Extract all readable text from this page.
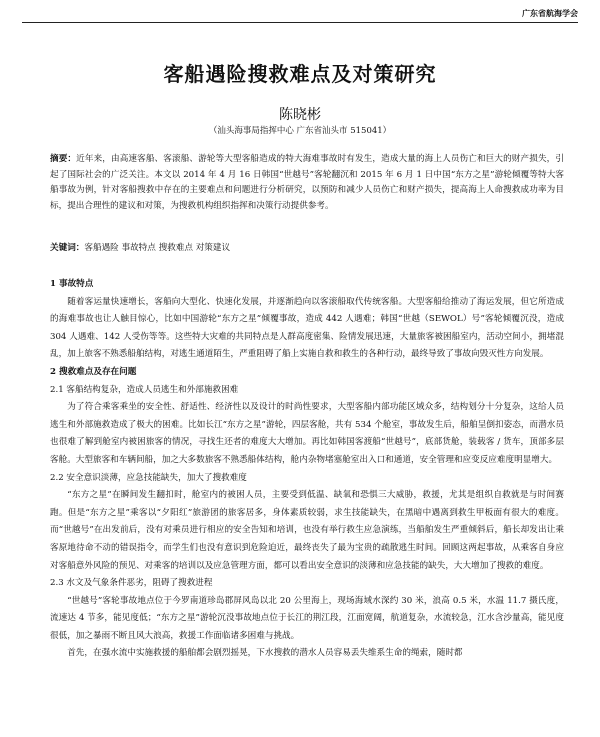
广东省航海学会
客船遇险搜救难点及对策研究
陈晓彬
（汕头海事局指挥中心 广东省汕头市 515041）
摘要：近年来，由高速客船、客滚船、游轮等大型客船造成的特大海难事故时有发生，造成大量的海上人员伤亡和巨大的财产损失，引起了国际社会的广泛关注。本文以 2014 年 4 月 16 日韩国“世越号”客轮翻沉和 2015 年 6 月 1 日中国“东方之星”游轮倾覆等特大客船事故为例，针对客船搜救中存在的主要难点和问题进行分析研究，以预防和减少人员伤亡和财产损失，提高海上人命搜救成功率为目标，提出合理性的建议和对策，为搜救机构组织指挥和决策行动提供参考。
关键词：客船遇险 事故特点 搜救难点 对策建议
1 事故特点

随着客运量快速增长，客船向大型化、快速化发展，并逐渐趋向以客滚船取代传统客船。大型客船给推动了海运发展，但它所造成的海难事故也让人触目惊心，比如中国游轮“东方之星”倾覆事故，造成 442 人遇难；韩国“世越（SEWOL）号”客轮倾覆沉没，造成 304 人遇难、142 人受伤等等。这些特大灾难的共同特点是人群高度密集、险情发展迅速，大量旅客被困船室内，活动空间小，拥堵混乱，加上旅客不熟悉船舶结构，对逃生通道陌生，严重阻碍了船上实施自救和救生的各种行动，最终导致了事故向毁灭性方向发展。

2 搜救难点及存在问题
2.1 客船结构复杂，造成人员逃生和外部施救困难

为了符合乘客乘坐的安全性、舒适性、经济性以及设计的时尚性要求，大型客船内部功能区域众多，结构划分十分复杂，这给人员逃生和外部施救造成了极大的困难。比如长江“东方之星”游轮，四层客舱，共有 534 个舱室，事故发生后，船舶呈倒扣姿态，而潜水员也很难了解到舱室内被困旅客的情况，寻找生还者的难度大大增加。再比如韩国客渡船“世越号”，底部货舱，装载客 / 货车，顶部多层客舱。大型旅客和车辆间船，加之大多数旅客不熟悉船体结构，舱内杂物堵塞舱室出入口和通道，安全管理和应变反应难度明显增大。

2.2 安全意识淡薄，应急技能缺失，加大了搜救难度

“东方之星”在瞬间发生翻扣时，舱室内的被困人员，主要受到低温、缺氧和恐惧三大威胁，救援，尤其是组织自救就是与时间赛跑。但是“东方之星”乘客以“夕阳红”旅游团的旅客居多，身体素质较弱，求生技能缺失，在黑暗中遇离到救生甲板面有很大的难度。而“世越号”在出发前后，没有对乘员进行相应的安全告知和培训，也没有举行救生应急演练，当船舶发生严重倾斜后，船长却发出让乘客原地待命不动的错误指令，而学生们也没有意识到危险迫近，最终丧失了最为宝贵的疏散逃生时间。回顾这两起事故，从乘客自身应对客船意外风险的预见、对乘客的培训以及应急管理方面，都可以看出安全意识的淡薄和应急技能的缺失，大大增加了搜救的难度。

2.3 水文及气象条件恶劣，阻碍了搜救进程

“世越号”客轮事故地点位于今罗南道珍岛郡屏风岛以北 20 公里海上，现场海域水深约 30 米，浪高 0.5 米，水温 11.7 摄氏度，流速达 4 节多，能见度低；“东方之星”游轮沉没事故地点位于长江的荆江段，江面宽阔，航道复杂，水流较急，江水含沙量高，能见度很低，加之暴雨不断且风大浪高，救援工作面临诸多困难与挑战。

首先，在强水流中实施救援的船舶都会剧烈摇晃，下水搜救的潜水人员容易丢失维系生命的绳索，随时都
